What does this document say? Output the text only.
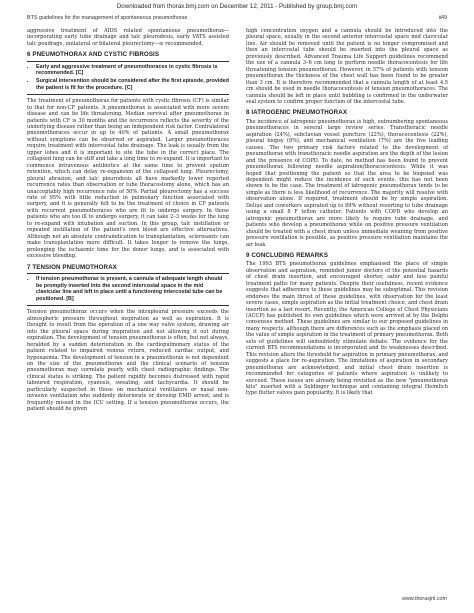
Downloaded from thorax.bmj.com on December 12, 2011 - Published by group.bmj.com
BTS guidelines for the management of spontaneous pneumothorax	ii49

aggressive treatment of AIDS related spontaneous pneumothorax—incorporating early tube drainage and talc pleurodesis, early VATS assisted talc poudrage, unilateral or bilateral pleurectomy—is recommended.

6 PNEUMOTHORAX AND CYSTIC FIBROSIS
• Early and aggressive treatment of pneumothoraces in cystic fibrosis is recommended. [C]
• Surgical intervention should be considered after the first episode, provided the patient is fit for the procedure. [C]

The treatment of pneumothorax for patients with cystic fibrosis (CF) is similar to that for non-CF patients. A pneumothorax is associated with more severe disease and can be life threatening. Median survival after pneumothorax in patients with CF is 30 months and the occurrence reflects the severity of the underlying disease rather than being an independent risk factor. Contralateral pneumothoraces occur in up to 40% of patients. A small pneumothorax without symptoms can be observed or aspirated. Larger pneumothoraces require treatment with intercostal tube drainage. The leak is usually from the upper lobes and it is important to site the tube in the correct place. The collapsed lung can be stiff and take a long time to re-expand. It is important to commence intravenous antibiotics at the same time to prevent sputum retention, which can delay re-expansion of the collapsed lung. Pleurectomy, pleural abrasion, and talc pleurodesis all have markedly lower reported recurrence rates than observation or tube thoracostomy alone, which has an unacceptably high recurrence rate of 50%. Partial pleurectomy has a success rate of 95% with little reduction in pulmonary function associated with surgery, and it is generally felt to be the treatment of choice in CF patients with recurrent pneumothoraces who are fit to undergo surgery. In those patients who are too ill to undergo surgery, it can take 2–3 weeks for the lung to re-expand with intubation and suction. In this group, talc instillation or repeated instillation of the patient's own blood are effective alternatives. Although not an absolute contraindication to transplantation, sclerosants can make transplantation more difficult. It takes longer to remove the lungs, prolonging the ischaemic time for the donor lungs, and is associated with excessive bleeding.

7 TENSION PNEUMOTHORAX
• If tension pneumothorax is present, a cannula of adequate length should be promptly inserted into the second intercostal space in the mid clavicular line and left in place until a functioning intercostal tube can be positioned. [B]

Tension pneumothorax occurs when the intrapleural pressure exceeds the atmospheric pressure throughout inspiration as well as expiration. It is thought to result from the operation of a one way valve system, drawing air into the pleural space during inspiration and not allowing it out during expiration. The development of tension pneumothorax is often, but not always, heralded by a sudden deterioration in the cardiopulmonary status of the patient related to impaired venous return, reduced cardiac output, and hypoxaemia. The development of tension in a pneumothorax is not dependent on the size of the pneumothorax and the clinical scenario of tension pneumothorax may correlate poorly with chest radiographic findings. The clinical status is striking. The patient rapidly becomes distressed with rapid laboured respiration, cyanosis, sweating, and tachycardia. It should be particularly suspected in those on mechanical ventilators or nasal non-invasive ventilation who suddenly deteriorate or develop EMD arrest, and is frequently missed in the ICU setting. If a tension pneumothorax occurs, the patient should be given

high concentration oxygen and a cannula should be introduced into the pleural space, usually in the second anterior intercostal space mid clavicular line. Air should be removed until the patient is no longer compromised and then an intercostal tube should be inserted into the pleural space as previously described. Advanced Trauma Life Support guidelines recommend the use of a cannula 3–6 cm long to perform needle thoracocentesis for life threatening tension pneumothorax. However, in 57% of patients with tension pneumothorax the thickness of the chest wall has been found to be greater than 3 cm. It is therefore recommended that a cannula length of at least 4.5 cm should be used in needle thoracocentesis of tension pneumothoraces. The cannula should be left in place until bubbling is confirmed in the underwater seal system to confirm proper function of the intercostal tube.

8 IATROGENIC PNEUMOTHORAX

The incidence of iatrogenic pneumothorax is high, outnumbering spontaneous pneumothoraces in several large review series. Transthoracic needle aspiration (24%), subclavian vessel puncture (22%), thoracocentesis (22%), pleural biopsy (8%), and mechanical ventilation (7%) are the five leading causes. The two primary risk factors related to the development of pneumothorax with transthoracic needle aspiration are the depth of the lesion and the presence of COPD. To date, no method has been found to prevent pneumothorax following needle aspiration/thoracocentesis. While it was hoped that positioning the patient so that the area to be biopsied was dependent might reduce the incidence of such events, this has not been shown to be the case. The treatment of iatrogenic pneumothorax tends to be simple as there is less likelihood of recurrence. The majority will resolve with observation alone. If required, treatment should be by simple aspiration. Delius and coworkers aspirated up to 89% without resorting to tube drainage using a small 8 F teflon catheter. Patients with COPD who develop an iatrogenic pneumothorax are more likely to require tube drainage, and patients who develop a pneumothorax while on positive pressure ventilation should be treated with a chest drain unless immediate weaning from positive pressure ventilation is possible, as positive pressure ventilation maintains the air leak.

9 CONCLUDING REMARKS

The 1993 BTS pneumothorax guidelines emphasised the place of simple observation and aspiration, reminded junior doctors of the potential hazards of chest drain insertion, and encouraged shorter, safer and less painful treatment paths for many patients. Despite their usefulness, recent evidence suggests that adherence to these guidelines may be suboptimal. This revision endorses the main thrust of these guidelines, with observation for the least severe cases, simple aspiration as the initial treatment choice, and chest drain insertion as a last resort. Recently, the American College of Chest Physicians (ACCP) has published its own guidelines which were arrived at by the Delphi consensus method. These guidelines are similar to our proposed guidelines in many respects, although there are differences such as the emphasis placed on the value of simple aspiration in the treatment of primary pneumothorax. Both sets of guidelines will undoubtedly stimulate debate. The evidence for the current BTS recommendations is incorporated and its weaknesses described. This revision alters the threshold for aspiration in primary pneumothorax, and suggests a place for re-aspiration. The limitations of aspiration in secondary pneumothorax are acknowledged, and initial chest drain insertion is recommended for categories of patients where aspiration is unlikely to succeed. These issues are already being revisited as the new "pneumothorax kits" inserted with a Seldinger technique and containing integral Heimlich type flutter valves gain popularity. It is likely that

www.thoraxjnl.com
